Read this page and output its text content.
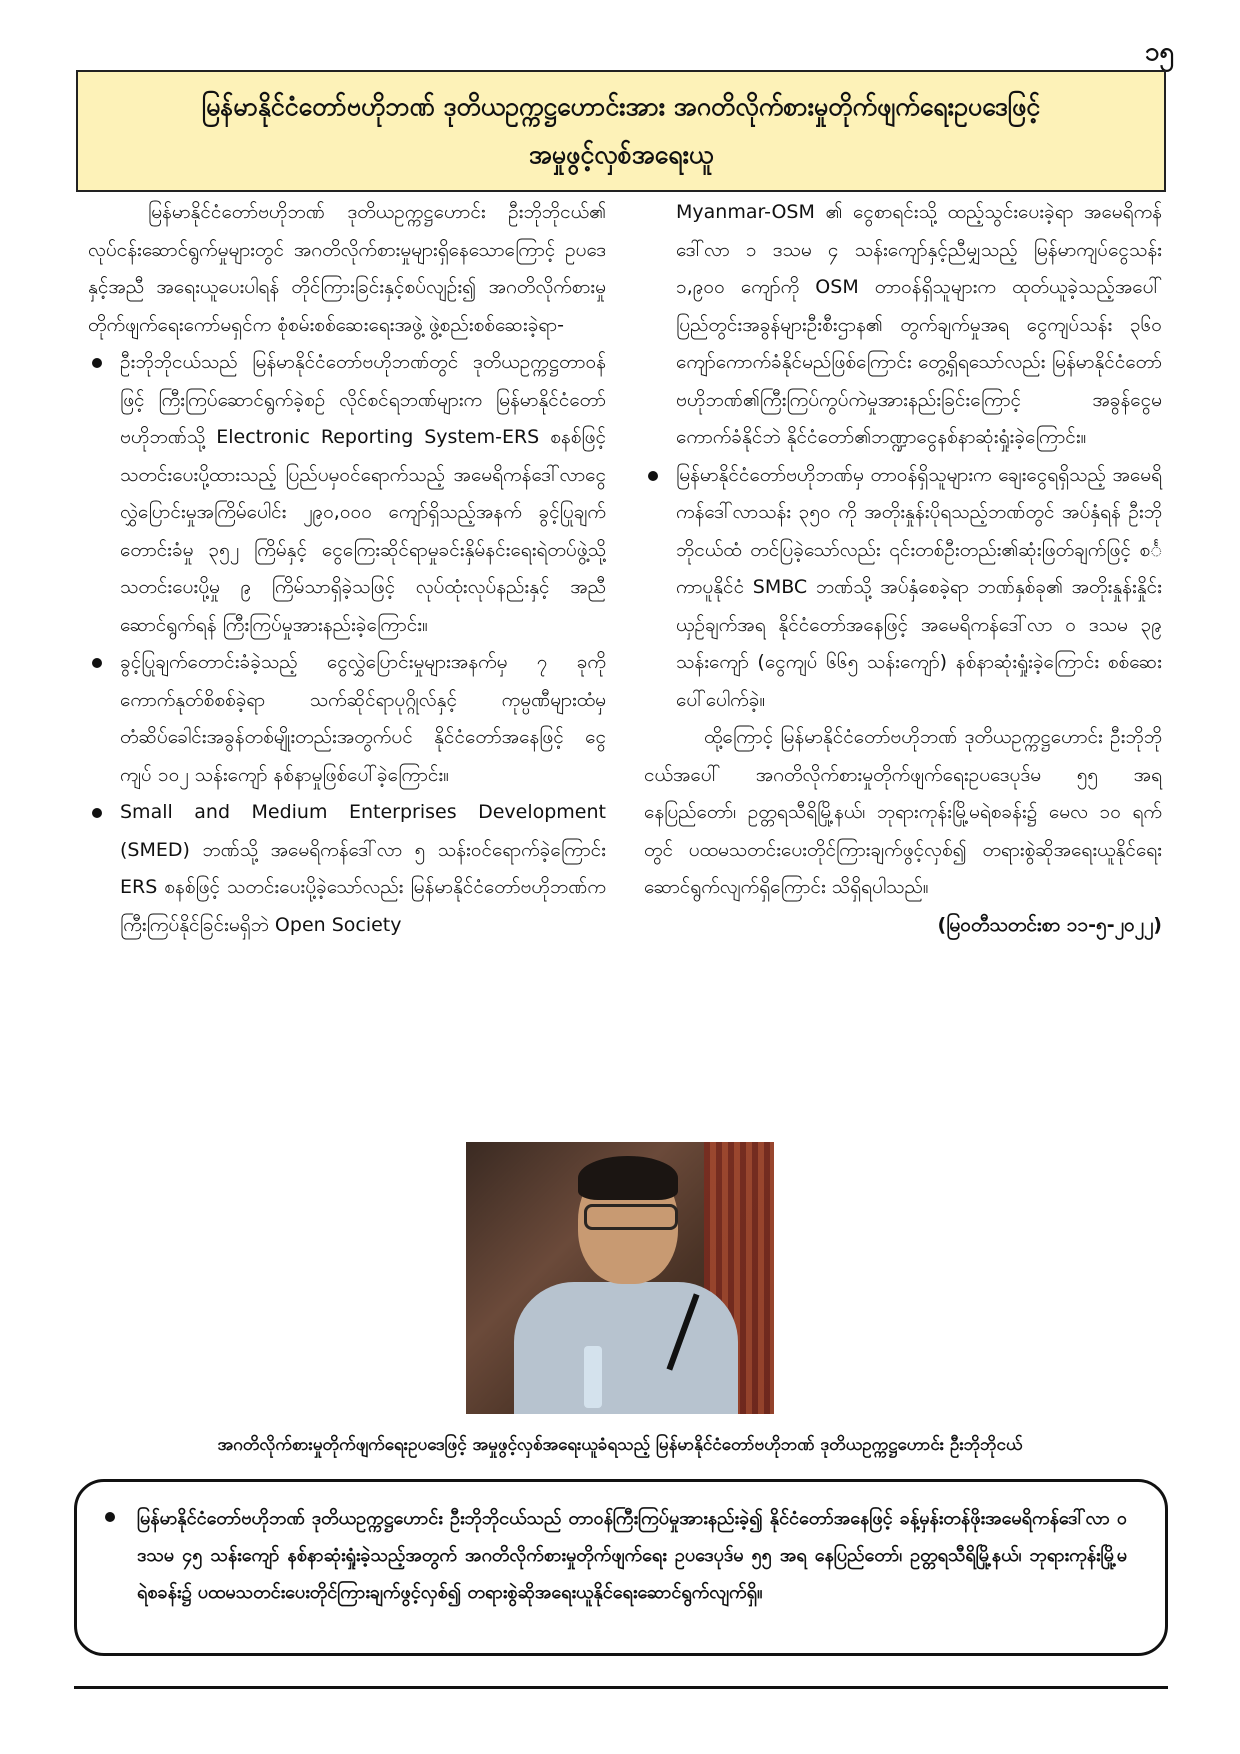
၁၅
မြန်မာနိုင်ငံတော်ဗဟိုဘဏ် ဒုတိယဥက္ကဋ္ဌဟောင်းအား အဂတိလိုက်စားမှုတိုက်ဖျက်ရေးဥပဒေဖြင့်
အမှုဖွင့်လှစ်အရေးယူ

မြန်မာနိုင်ငံတော်ဗဟိုဘဏ် ဒုတိယဥက္ကဋ္ဌဟောင်း ဦးဘိုဘိုငယ်၏ လုပ်ငန်းဆောင်ရွက်မှုများတွင် အဂတိလိုက်စားမှုများရှိနေသောကြောင့် ဥပဒေနှင့်အညီ အရေးယူပေးပါရန် တိုင်ကြားခြင်းနှင့်စပ်လျဉ်း၍ အဂတိလိုက်စားမှုတိုက်ဖျက်ရေးကော်မရှင်က စုံစမ်းစစ်ဆေးရေးအဖွဲ့ ဖွဲ့စည်းစစ်ဆေးခဲ့ရာ-

ဦးဘိုဘိုငယ်သည် မြန်မာနိုင်ငံတော်ဗဟိုဘဏ်တွင် ဒုတိယဥက္ကဋ္ဌတာဝန်ဖြင့် ကြီးကြပ်ဆောင်ရွက်ခဲ့စဉ် လိုင်စင်ရဘဏ်များက မြန်မာနိုင်ငံတော်ဗဟိုဘဏ်သို့ Electronic Reporting System-ERS စနစ်ဖြင့် သတင်းပေးပို့ထားသည့် ပြည်ပမှဝင်ရောက်သည့် အမေရိကန်ဒေါ်လာငွေလွှဲပြောင်းမှုအကြိမ်ပေါင်း ၂၉၀,၀၀၀ ကျော်ရှိသည့်အနက် ခွင့်ပြုချက်တောင်းခံမှု ၃၅၂ ကြိမ်နှင့် ငွေကြေးဆိုင်ရာမှုခင်းနှိမ်နင်းရေးရဲတပ်ဖွဲ့သို့ သတင်းပေးပို့မှု ၉ ကြိမ်သာရှိခဲ့သဖြင့် လုပ်ထုံးလုပ်နည်းနှင့် အညီဆောင်ရွက်ရန် ကြီးကြပ်မှုအားနည်းခဲ့ကြောင်း။
ခွင့်ပြုချက်တောင်းခံခဲ့သည့် ငွေလွှဲပြောင်းမှုများအနက်မှ ၇ ခုကို ကောက်နုတ်စိစစ်ခဲ့ရာ သက်ဆိုင်ရာပုဂ္ဂိုလ်နှင့် ကုမ္ပဏီများထံမှ တံဆိပ်ခေါင်းအခွန်တစ်မျိုးတည်းအတွက်ပင် နိုင်ငံတော်အနေဖြင့် ငွေကျပ် ၁၀၂ သန်းကျော် နစ်နာမှုဖြစ်ပေါ်ခဲ့ကြောင်း။
Small and Medium Enterprises Development (SMED) ဘဏ်သို့ အမေရိကန်ဒေါ်လာ ၅ သန်းဝင်ရောက်ခဲ့ကြောင်း ERS စနစ်ဖြင့် သတင်းပေးပို့ခဲ့သော်လည်း မြန်မာနိုင်ငံတော်ဗဟိုဘဏ်က ကြီးကြပ်နိုင်ခြင်းမရှိဘဲ Open Society

Myanmar-OSM ၏ ငွေစာရင်းသို့ ထည့်သွင်းပေးခဲ့ရာ အမေရိကန်ဒေါ်လာ ၁ ဒသမ ၄ သန်းကျော်နှင့်ညီမျှသည့် မြန်မာကျပ်ငွေသန်း ၁,၉၀၀ ကျော်ကို OSM တာဝန်ရှိသူများက ထုတ်ယူခဲ့သည့်အပေါ် ပြည်တွင်းအခွန်များဦးစီးဌာန၏ တွက်ချက်မှုအရ ငွေကျပ်သန်း ၃၆၀ ကျော်ကောက်ခံနိုင်မည်ဖြစ်ကြောင်း တွေ့ရှိရသော်လည်း မြန်မာနိုင်ငံတော်ဗဟိုဘဏ်၏ကြီးကြပ်ကွပ်ကဲမှုအားနည်းခြင်းကြောင့် အခွန်ငွေမကောက်ခံနိုင်ဘဲ နိုင်ငံတော်၏ဘဏ္ဍာငွေနစ်နာဆုံးရှုံးခဲ့ကြောင်း။

မြန်မာနိုင်ငံတော်ဗဟိုဘဏ်မှ တာဝန်ရှိသူများက ချေးငွေရရှိသည့် အမေရိကန်ဒေါ်လာသန်း ၃၅၀ ကို အတိုးနှုန်းပိုရသည့်ဘဏ်တွင် အပ်နှံရန် ဦးဘိုဘိုငယ်ထံ တင်ပြခဲ့သော်လည်း ၎င်းတစ်ဦးတည်း၏ဆုံးဖြတ်ချက်ဖြင့် စင်္ကာပူနိုင်ငံ SMBC ဘဏ်သို့ အပ်နှံစေခဲ့ရာ ဘဏ်နှစ်ခု၏ အတိုးနှုန်းနှိုင်းယှဉ်ချက်အရ နိုင်ငံတော်အနေဖြင့် အမေရိကန်ဒေါ်လာ ၀ ဒသမ ၃၉ သန်းကျော် (ငွေကျပ် ၆၆၅ သန်းကျော်) နစ်နာဆုံးရှုံးခဲ့ကြောင်း စစ်ဆေးပေါ်ပေါက်ခဲ့။

ထို့ကြောင့် မြန်မာနိုင်ငံတော်ဗဟိုဘဏ် ဒုတိယဥက္ကဋ္ဌဟောင်း ဦးဘိုဘိုငယ်အပေါ် အဂတိလိုက်စားမှုတိုက်ဖျက်ရေးဥပဒေပုဒ်မ ၅၅ အရ နေပြည်တော်၊ ဥတ္တရသီရိမြို့နယ်၊ ဘုရားကုန်းမြို့မရဲစခန်း၌ မေလ ၁၀ ရက်တွင် ပထမသတင်းပေးတိုင်ကြားချက်ဖွင့်လှစ်၍ တရားစွဲဆိုအရေးယူနိုင်ရေး ဆောင်ရွက်လျက်ရှိကြောင်း သိရှိရပါသည်။

(မြဝတီသတင်းစာ ၁၁-၅-၂၀၂၂)

အဂတိလိုက်စားမှုတိုက်ဖျက်ရေးဥပဒေဖြင့် အမှုဖွင့်လှစ်အရေးယူခံရသည့် မြန်မာနိုင်ငံတော်ဗဟိုဘဏ် ဒုတိယဥက္ကဋ္ဌဟောင်း ဦးဘိုဘိုငယ်
မြန်မာနိုင်ငံတော်ဗဟိုဘဏ် ဒုတိယဥက္ကဋ္ဌဟောင်း ဦးဘိုဘိုငယ်သည် တာဝန်ကြီးကြပ်မှုအားနည်းခဲ့၍ နိုင်ငံတော်အနေဖြင့် ခန့်မှန်းတန်ဖိုးအမေရိကန်ဒေါ်လာ ၀ ဒသမ ၄၅ သန်းကျော် နစ်နာဆုံးရှုံးခဲ့သည့်အတွက် အဂတိလိုက်စားမှုတိုက်ဖျက်ရေး ဥပဒေပုဒ်မ ၅၅ အရ နေပြည်တော်၊ ဥတ္တရသီရိမြို့နယ်၊ ဘုရားကုန်းမြို့မရဲစခန်း၌ ပထမသတင်းပေးတိုင်ကြားချက်ဖွင့်လှစ်၍ တရားစွဲဆိုအရေးယူနိုင်ရေးဆောင်ရွက်လျက်ရှိ။
